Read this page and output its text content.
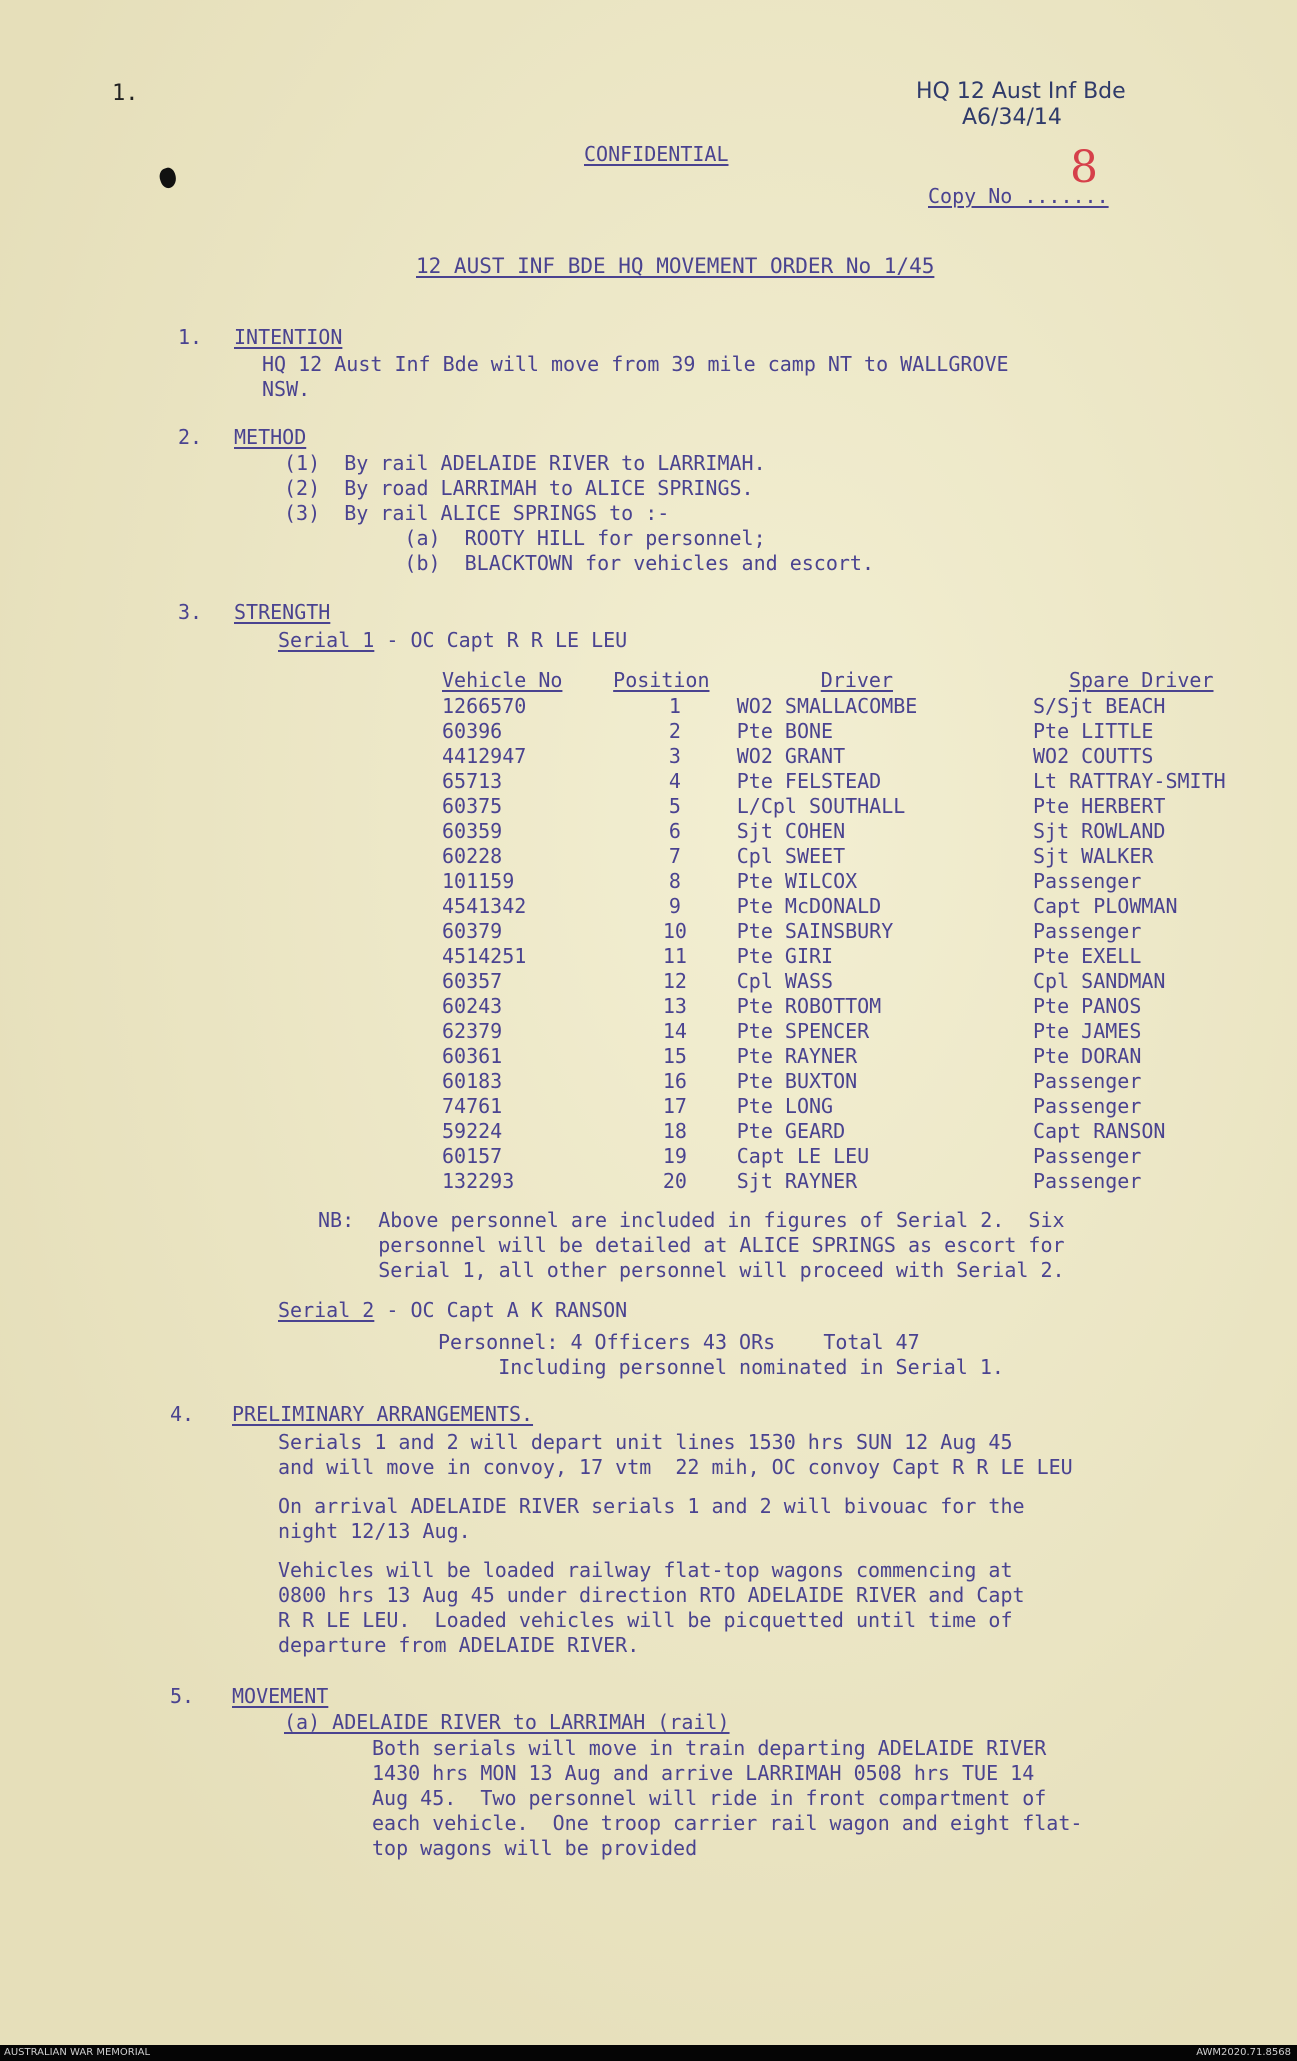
1.	HQ 12 Aust Inf Bde
A6/34/14
CONFIDENTIAL
Copy No .......
8
12 AUST INF BDE HQ MOVEMENT ORDER No 1/45
1. INTENTION
HQ 12 Aust Inf Bde will move from 39 mile camp NT to WALLGROVE
NSW.
2. METHOD
(1)  By rail ADELAIDE RIVER to LARRIMAH.
(2)  By road LARRIMAH to ALICE SPRINGS.
(3)  By rail ALICE SPRINGS to :-
(a)  ROOTY HILL for personnel;
(b)  BLACKTOWN for vehicles and escort.
3. STRENGTH
Serial 1 - OC Capt R R LE LEU
Vehicle No	Position	Driver	Spare Driver
1266570	1	WO2 SMALLACOMBE	S/Sjt BEACH
60396	2	Pte BONE	Pte LITTLE
4412947	3	WO2 GRANT	WO2 COUTTS
65713	4	Pte FELSTEAD	Lt RATTRAY-SMITH
60375	5	L/Cpl SOUTHALL	Pte HERBERT
60359	6	Sjt COHEN	Sjt ROWLAND
60228	7	Cpl SWEET	Sjt WALKER
101159	8	Pte WILCOX	Passenger
4541342	9	Pte McDONALD	Capt PLOWMAN
60379	10	Pte SAINSBURY	Passenger
4514251	11	Pte GIRI	Pte EXELL
60357	12	Cpl WASS	Cpl SANDMAN
60243	13	Pte ROBOTTOM	Pte PANOS
62379	14	Pte SPENCER	Pte JAMES
60361	15	Pte RAYNER	Pte DORAN
60183	16	Pte BUXTON	Passenger
74761	17	Pte LONG	Passenger
59224	18	Pte GEARD	Capt RANSON
60157	19	Capt LE LEU	Passenger
132293	20	Sjt RAYNER	Passenger
NB:  Above personnel are included in figures of Serial 2.  Six
personnel will be detailed at ALICE SPRINGS as escort for
Serial 1, all other personnel will proceed with Serial 2.
Serial 2 - OC Capt A K RANSON
Personnel: 4 Officers 43 ORs    Total 47
Including personnel nominated in Serial 1.
4. PRELIMINARY ARRANGEMENTS.
Serials 1 and 2 will depart unit lines 1530 hrs SUN 12 Aug 45
and will move in convoy, 17 vtm  22 mih, OC convoy Capt R R LE LEU
On arrival ADELAIDE RIVER serials 1 and 2 will bivouac for the
night 12/13 Aug.
Vehicles will be loaded railway flat-top wagons commencing at
0800 hrs 13 Aug 45 under direction RTO ADELAIDE RIVER and Capt
R R LE LEU.  Loaded vehicles will be picquetted until time of
departure from ADELAIDE RIVER.
5. MOVEMENT
(a) ADELAIDE RIVER to LARRIMAH (rail)
Both serials will move in train departing ADELAIDE RIVER
1430 hrs MON 13 Aug and arrive LARRIMAH 0508 hrs TUE 14
Aug 45.  Two personnel will ride in front compartment of
each vehicle.  One troop carrier rail wagon and eight flat-
top wagons will be provided
AUSTRALIAN WAR MEMORIAL	AWM2020.71.8568
